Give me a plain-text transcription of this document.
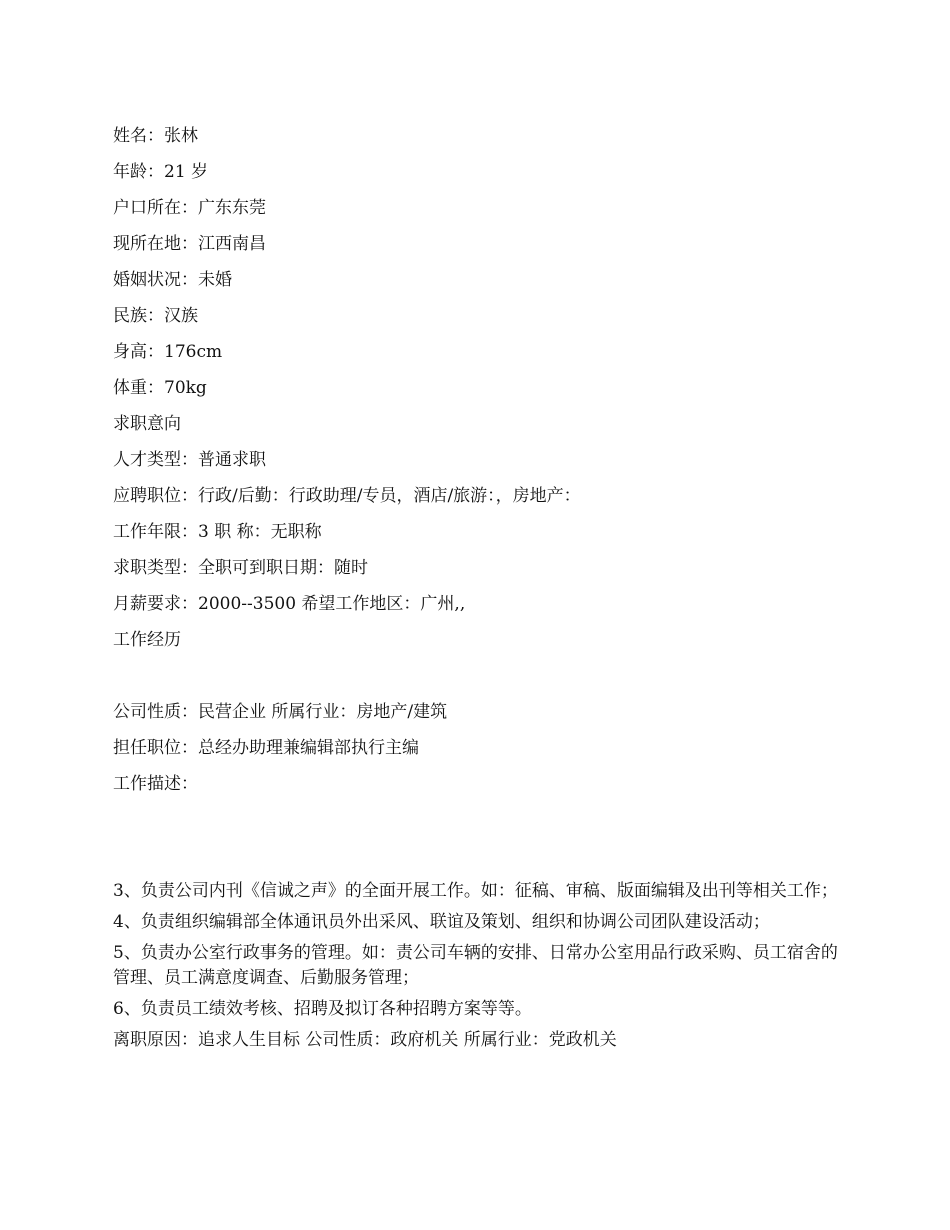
姓名：张林
年龄：21 岁
户口所在：广东东莞
现所在地：江西南昌
婚姻状况：未婚
民族：汉族
身高：176cm
体重：70kg
求职意向
人才类型：普通求职
应聘职位：行政/后勤：行政助理/专员，酒店/旅游：，房地产：
工作年限：3 职 称：无职称
求职类型：全职可到职日期：随时
月薪要求：2000--3500 希望工作地区：广州,,
工作经历
公司性质：民营企业 所属行业：房地产/建筑
担任职位：总经办助理兼编辑部执行主编
工作描述：
3、负责公司内刊《信诚之声》的全面开展工作。如：征稿、审稿、版面编辑及出刊等相关工作；
4、负责组织编辑部全体通讯员外出采风、联谊及策划、组织和协调公司团队建设活动；
5、负责办公室行政事务的管理。如：责公司车辆的安排、日常办公室用品行政采购、员工宿舍的管理、员工满意度调查、后勤服务管理；
6、负责员工绩效考核、招聘及拟订各种招聘方案等等。
离职原因：追求人生目标 公司性质：政府机关 所属行业：党政机关
